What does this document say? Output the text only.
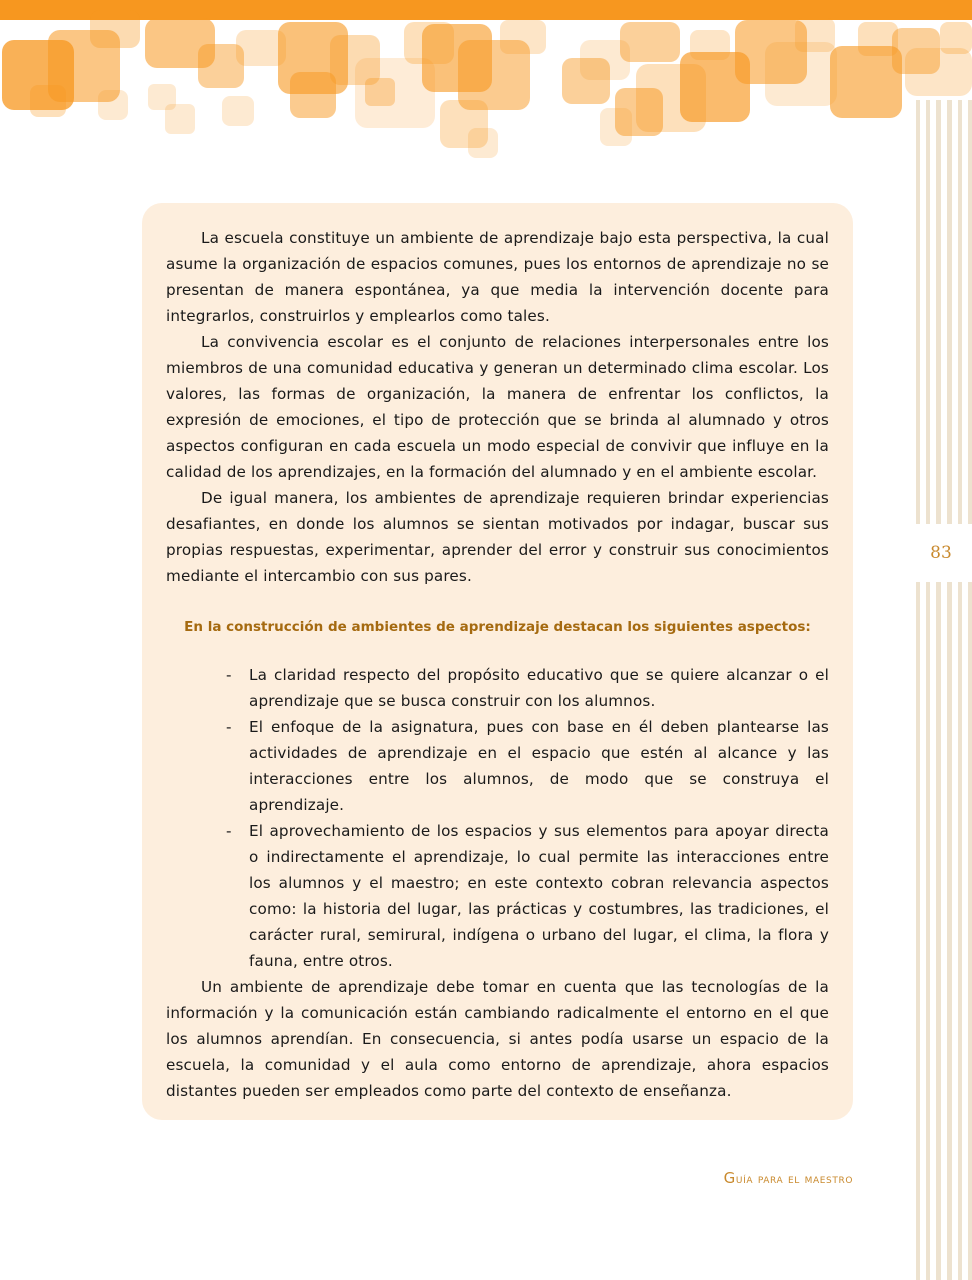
83

La escuela constituye un ambiente de aprendizaje bajo esta perspectiva, la cual asume la organización de espacios comunes, pues los entornos de aprendizaje no se presentan de manera espontánea, ya que media la intervención docente para integrarlos, construirlos y emplearlos como tales.

La convivencia escolar es el conjunto de relaciones interpersonales entre los miembros de una comunidad educativa y generan un determinado clima escolar. Los valores, las formas de organización, la manera de enfrentar los conflictos, la expresión de emociones, el tipo de protección que se brinda al alumnado y otros aspectos configuran en cada escuela un modo especial de convivir que influye en la calidad de los aprendizajes, en la formación del alumnado y en el ambiente escolar.

De igual manera, los ambientes de aprendizaje requieren brindar experiencias desafiantes, en donde los alumnos se sientan motivados por indagar, buscar sus propias respuestas, experimentar, aprender del error y construir sus conocimientos mediante el intercambio con sus pares.

En la construcción de ambientes de aprendizaje destacan los siguientes aspectos:

- La claridad respecto del propósito educativo que se quiere alcanzar o el aprendizaje que se busca construir con los alumnos.
- El enfoque de la asignatura, pues con base en él deben plantearse las actividades de aprendizaje en el espacio que estén al alcance y las interacciones entre los alumnos, de modo que se construya el aprendizaje.
- El aprovechamiento de los espacios y sus elementos para apoyar directa o indirectamente el aprendizaje, lo cual permite las interacciones entre los alumnos y el maestro; en este contexto cobran relevancia aspectos como: la historia del lugar, las prácticas y costumbres, las tradiciones, el carácter rural, semirural, indígena o urbano del lugar, el clima, la flora y fauna, entre otros.

Un ambiente de aprendizaje debe tomar en cuenta que las tecnologías de la información y la comunicación están cambiando radicalmente el entorno en el que los alumnos aprendían. En consecuencia, si antes podía usarse un espacio de la escuela, la comunidad y el aula como entorno de aprendizaje, ahora espacios distantes pueden ser empleados como parte del contexto de enseñanza.

Guía para el maestro
